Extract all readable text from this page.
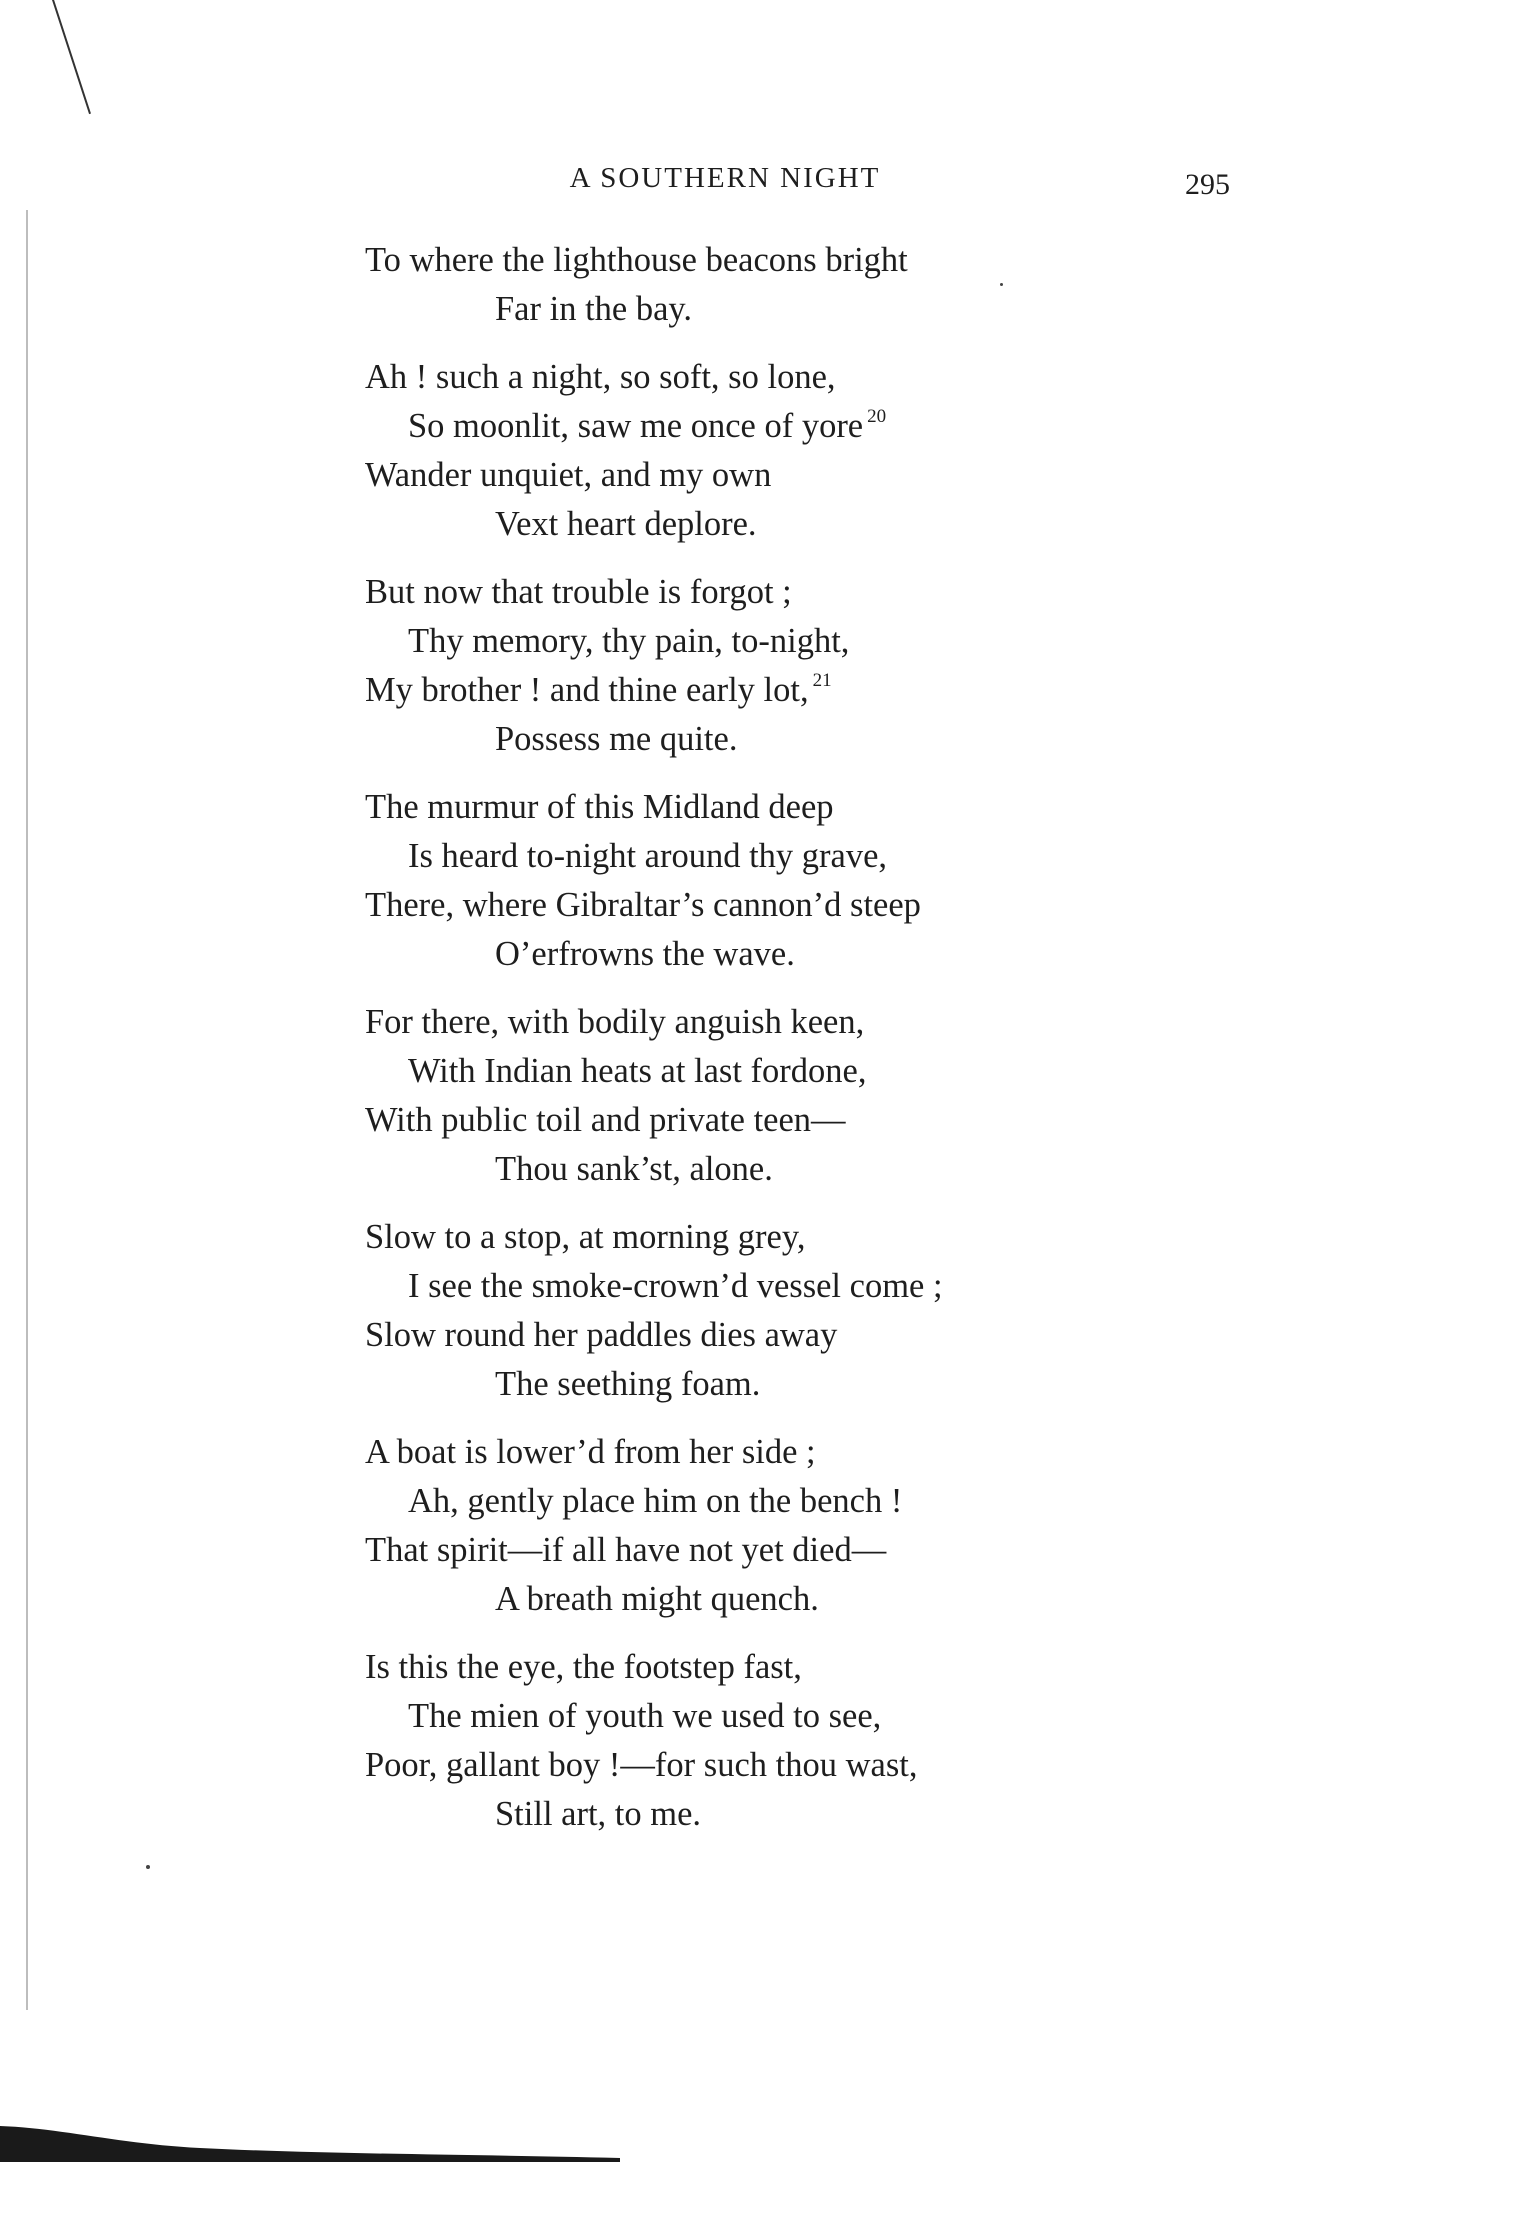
A SOUTHERN NIGHT	295
To where the lighthouse beacons bright
Far in the bay.
Ah ! such a night, so soft, so lone,
So moonlit, saw me once of yore $^{20}$
Wander unquiet, and my own
Vext heart deplore.
But now that trouble is forgot ;
Thy memory, thy pain, to-night,
My brother ! and thine early lot, $^{21}$
Possess me quite.
The murmur of this Midland deep
Is heard to-night around thy grave,
There, where Gibraltar’s cannon’d steep
O’erfrowns the wave.
For there, with bodily anguish keen,
With Indian heats at last fordone,
With public toil and private teen—
Thou sank’st, alone.
Slow to a stop, at morning grey,
I see the smoke-crown’d vessel come ;
Slow round her paddles dies away
The seething foam.
A boat is lower’d from her side ;
Ah, gently place him on the bench !
That spirit—if all have not yet died—
A breath might quench.
Is this the eye, the footstep fast,
The mien of youth we used to see,
Poor, gallant boy !—for such thou wast,
Still art, to me.
